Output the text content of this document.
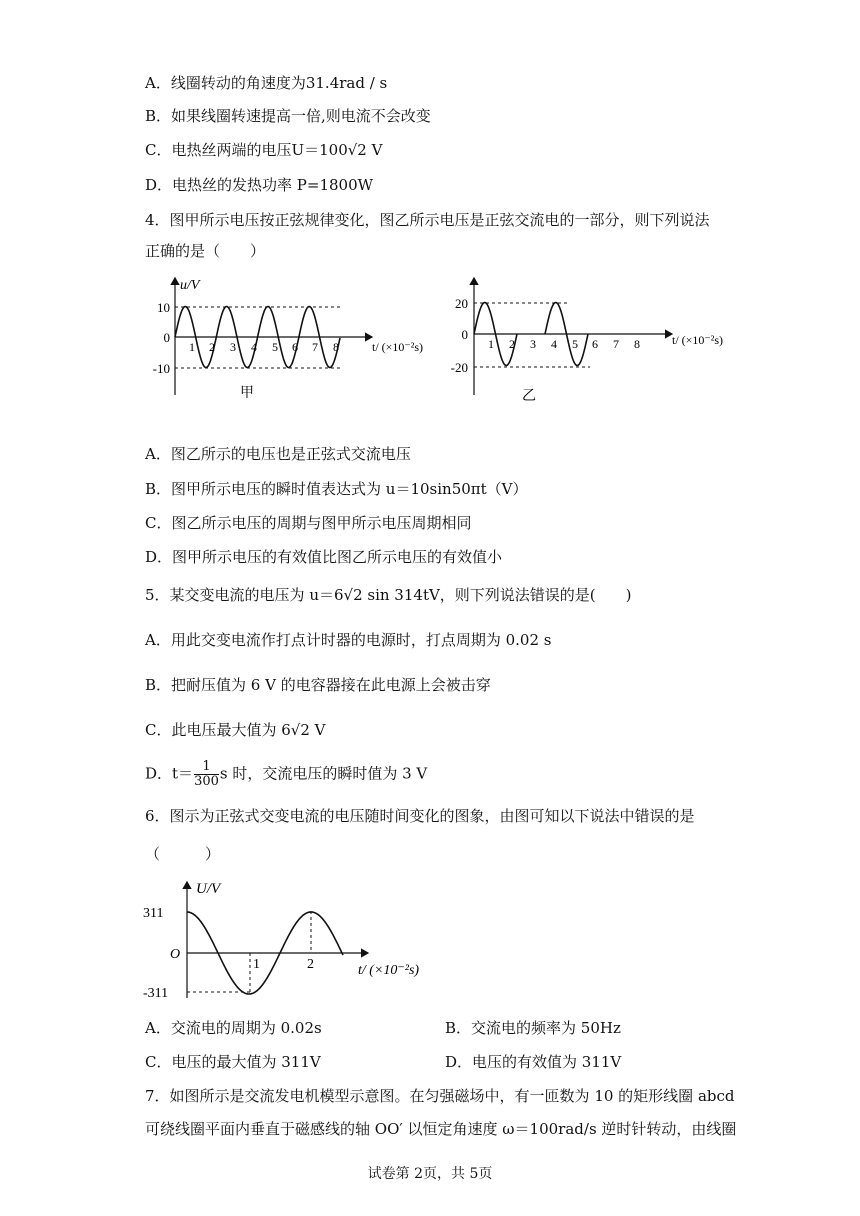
A．线圈转动的角速度为31.4rad / s
B．如果线圈转速提高一倍,则电流不会改变
C．电热丝两端的电压U＝100√2 V
D．电热丝的发热功率 P=1800W
4．图甲所示电压按正弦规律变化，图乙所示电压是正弦交流电的一部分，则下列说法
正确的是（　　）
u/V
10
0
-10
1 2 3 4 5 6 7 8	t/ (×10⁻²s)
甲
20
0
-20
1 2 3 4 5 6 7 8	t/ (×10⁻²s)
乙
A．图乙所示的电压也是正弦式交流电压
B．图甲所示电压的瞬时值表达式为 u＝10sin50πt（V）
C．图乙所示电压的周期与图甲所示电压周期相同
D．图甲所示电压的有效值比图乙所示电压的有效值小
5．某交变电流的电压为 u＝6√2 sin 314tV，则下列说法错误的是(　　)
A．用此交变电流作打点计时器的电源时，打点周期为 0.02 s
B．把耐压值为 6 V 的电容器接在此电源上会被击穿
C．此电压最大值为 6√2 V
D．$t= \frac{1}{300}$ s 时，交流电压的瞬时值为 3 V
6．图示为正弦式交变电流的电压随时间变化的图象，由图可知以下说法中错误的是
（　　　）
U/V
311
O
-311
1	2	t/ (×10⁻²s)
A．交流电的周期为 0.02s	B．交流电的频率为 50Hz
C．电压的最大值为 311V	D．电压的有效值为 311V
7．如图所示是交流发电机模型示意图。在匀强磁场中，有一匝数为 10 的矩形线圈 abcd
可绕线圈平面内垂直于磁感线的轴 OO′ 以恒定角速度 ω＝100rad/s 逆时针转动，由线圈
试卷第 2页，共 5页
